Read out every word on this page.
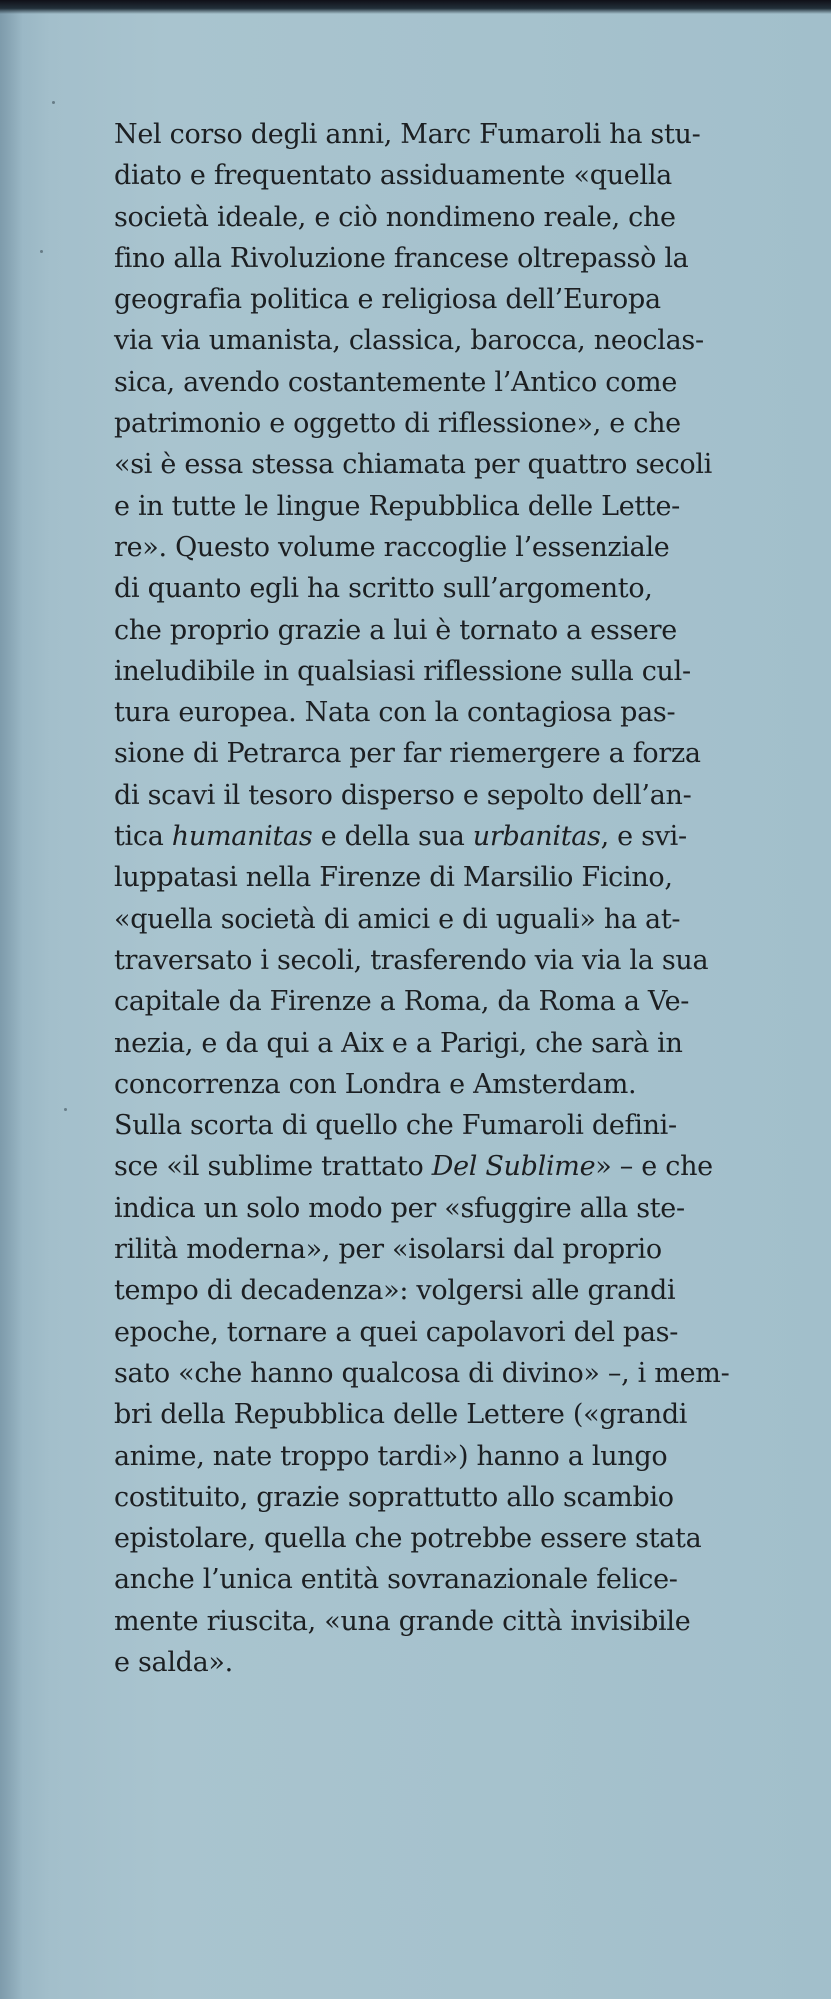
Nel corso degli anni, Marc Fumaroli ha stu-
diato e frequentato assiduamente «quella
società ideale, e ciò nondimeno reale, che
fino alla Rivoluzione francese oltrepassò la
geografia politica e religiosa dell’Europa
via via umanista, classica, barocca, neoclas-
sica, avendo costantemente l’Antico come
patrimonio e oggetto di riflessione», e che
«si è essa stessa chiamata per quattro secoli
e in tutte le lingue Repubblica delle Lette-
re». Questo volume raccoglie l’essenziale
di quanto egli ha scritto sull’argomento,
che proprio grazie a lui è tornato a essere
ineludibile in qualsiasi riflessione sulla cul-
tura europea. Nata con la contagiosa pas-
sione di Petrarca per far riemergere a forza
di scavi il tesoro disperso e sepolto dell’an-
tica humanitas e della sua urbanitas, e svi-
luppatasi nella Firenze di Marsilio Ficino,
«quella società di amici e di uguali» ha at-
traversato i secoli, trasferendo via via la sua
capitale da Firenze a Roma, da Roma a Ve-
nezia, e da qui a Aix e a Parigi, che sarà in
concorrenza con Londra e Amsterdam.
Sulla scorta di quello che Fumaroli defini-
sce «il sublime trattato Del Sublime» – e che
indica un solo modo per «sfuggire alla ste-
rilità moderna», per «isolarsi dal proprio
tempo di decadenza»: volgersi alle grandi
epoche, tornare a quei capolavori del pas-
sato «che hanno qualcosa di divino» –, i mem-
bri della Repubblica delle Lettere («grandi
anime, nate troppo tardi») hanno a lungo
costituito, grazie soprattutto allo scambio
epistolare, quella che potrebbe essere stata
anche l’unica entità sovranazionale felice-
mente riuscita, «una grande città invisibile
e salda».
